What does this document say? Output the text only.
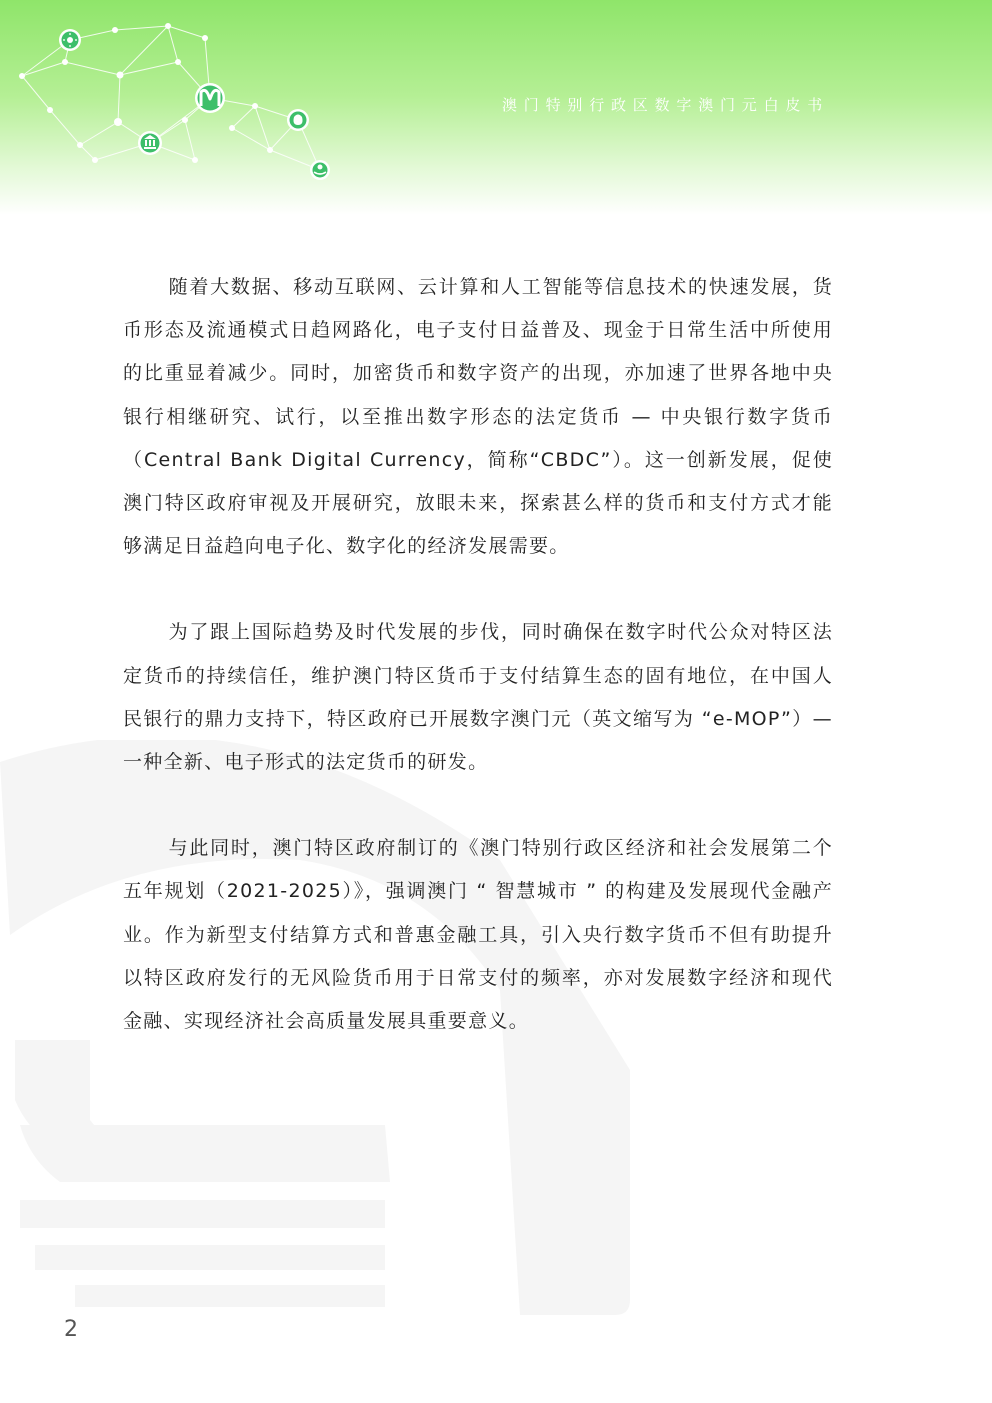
澳门特别行政区数字澳门元白皮书

随着大数据、移动互联网、云计算和人工智能等信息技术的快速发展，货币形态及流通模式日趋网路化，电子支付日益普及、现金于日常生活中所使用的比重显着减少。同时，加密货币和数字资产的出现，亦加速了世界各地中央银行相继研究、试行，以至推出数字形态的法定货币 — 中央银行数字货币 （Central Bank Digital Currency，简称“CBDC”）。这一创新发展，促使澳门特区政府审视及开展研究，放眼未来，探索甚么样的货币和支付方式才能够满足日益趋向电子化、数字化的经济发展需要。

为了跟上国际趋势及时代发展的步伐，同时确保在数字时代公众对特区法定货币的持续信任，维护澳门特区货币于支付结算生态的固有地位，在中国人民银行的鼎力支持下，特区政府已开展数字澳门元（英文缩写为 “e-MOP”）— 一种全新、电子形式的法定货币的研发。

与此同时，澳门特区政府制订的《澳门特别行政区经济和社会发展第二个五年规划（2021-2025）》，强调澳门 “ 智慧城市 ” 的构建及发展现代金融产业。作为新型支付结算方式和普惠金融工具，引入央行数字货币不但有助提升以特区政府发行的无风险货币用于日常支付的频率，亦对发展数字经济和现代金融、实现经济社会高质量发展具重要意义。

2
